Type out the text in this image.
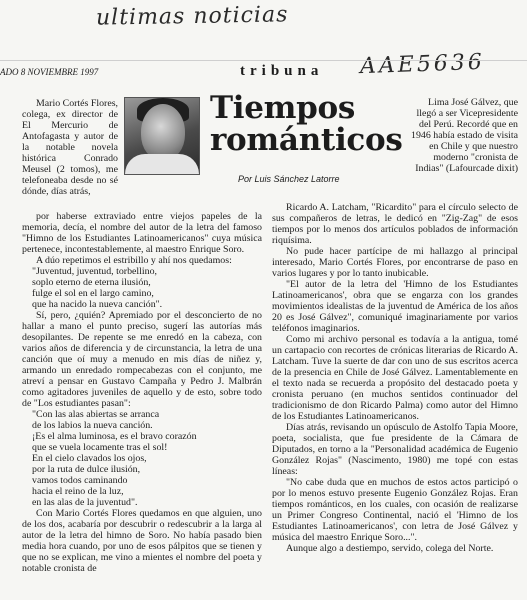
ultimas noticias
AAE5636
ADO 8 NOVIEMBRE 1997	tribuna

Mario Cortés Flores, colega, ex director de El Mercurio de Antofagasta y autor de la notable novela histórica Conrado Meusel (2 tomos), me telefoneaba desde no sé dónde, días atrás,

Tiempos
románticos
Por Luis Sánchez Latorre

Lima José Gálvez, que llegó a ser Vicepresidente del Perú. Recordé que en 1946 había estado de visita en Chile y que nuestro moderno "cronista de Indias" (Lafourcade dixit)

por haberse extraviado entre viejos papeles de la memoria, decía, el nombre del autor de la letra del famoso "Himno de los Estudiantes Latinoamericanos" cuya música pertenece, incontestablemente, al maestro Enrique Soro.

A dúo repetimos el estribillo y ahí nos quedamos:

"Juventud, juventud, torbellino,

soplo eterno de eterna ilusión,

fulge el sol en el largo camino,

que ha nacido la nueva canción".

Sí, pero, ¿quién? Apremiado por el desconcierto de no hallar a mano el punto preciso, sugerí las autorías más desopilantes. De repente se me enredó en la cabeza, con varios años de diferencia y de circunstancia, la letra de una canción que oí muy a menudo en mis días de niñez y, armando un enredado rompecabezas con el conjunto, me atreví a pensar en Gustavo Campaña y Pedro J. Malbrán como agitadores juveniles de aquello y de esto, sobre todo de "Los estudiantes pasan":

"Con las alas abiertas se arranca

de los labios la nueva canción.

¡Es el alma luminosa, es el bravo corazón

que se vuela locamente tras el sol!

En el cielo clavados los ojos,

por la ruta de dulce ilusión,

vamos todos caminando

hacia el reino de la luz,

en las alas de la juventud".

Con Mario Cortés Flores quedamos en que alguien, uno de los dos, acabaría por descubrir o redescubrir a la larga al autor de la letra del himno de Soro. No había pasado bien media hora cuando, por uno de esos pálpitos que se tienen y que no se explican, me vino a mientes el nombre del poeta y notable cronista de

Ricardo A. Latcham, "Ricardito" para el círculo selecto de sus compañeros de letras, le dedicó en "Zig-Zag" de esos tiempos por lo menos dos artículos poblados de información riquísima.

No pude hacer partícipe de mi hallazgo al principal interesado, Mario Cortés Flores, por encontrarse de paso en varios lugares y por lo tanto inubicable.

"El autor de la letra del 'Himno de los Estudiantes Latinoamericanos', obra que se engarza con los grandes movimientos idealistas de la juventud de América de los años 20 es José Gálvez", comuniqué imaginariamente por varios teléfonos imaginarios.

Como mi archivo personal es todavía a la antigua, tomé un cartapacio con recortes de crónicas literarias de Ricardo A. Latcham. Tuve la suerte de dar con uno de sus escritos acerca de la presencia en Chile de José Gálvez. Lamentablemente en el texto nada se recuerda a propósito del destacado poeta y cronista peruano (en muchos sentidos continuador del tradicionismo de don Ricardo Palma) como autor del Himno de los Estudiantes Latinoamericanos.

Días atrás, revisando un opúsculo de Astolfo Tapia Moore, poeta, socialista, que fue presidente de la Cámara de Diputados, en torno a la "Personalidad académica de Eugenio González Rojas" (Nascimento, 1980) me topé con estas líneas:

"No cabe duda que en muchos de estos actos participó o por lo menos estuvo presente Eugenio González Rojas. Eran tiempos románticos, en los cuales, con ocasión de realizarse un Primer Congreso Continental, nació el 'Himno de los Estudiantes Latinoamericanos', con letra de José Gálvez y música del maestro Enrique Soro...".

Aunque algo a destiempo, servido, colega del Norte.
